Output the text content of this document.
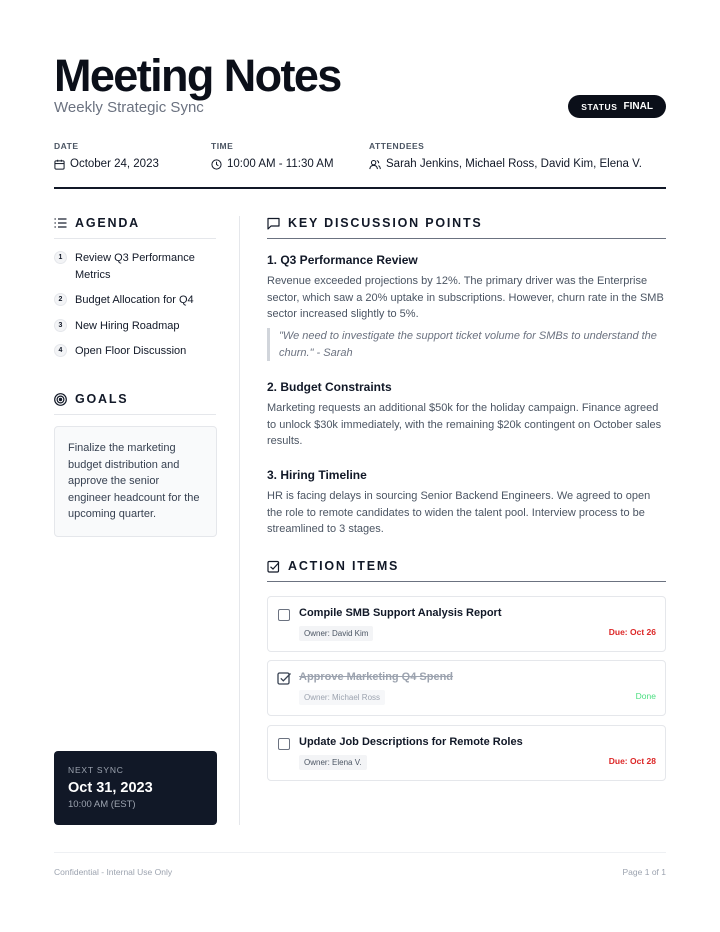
Meeting Notes
Weekly Strategic Sync	STATUS FINAL
DATE
October 24, 2023
TIME
10:00 AM - 11:30 AM
ATTENDEES
Sarah Jenkins, Michael Ross, David Kim, Elena V.
AGENDA
1	Review Q3 Performance Metrics
2	Budget Allocation for Q4
3	New Hiring Roadmap
4	Open Floor Discussion
GOALS
Finalize the marketing budget distribution and approve the senior engineer headcount for the upcoming quarter.
NEXT SYNC
Oct 31, 2023
10:00 AM (EST)
KEY DISCUSSION POINTS
1. Q3 Performance Review

Revenue exceeded projections by 12%. The primary driver was the Enterprise sector, which saw a 20% uptake in subscriptions. However, churn rate in the SMB sector increased slightly to 5%.

"We need to investigate the support ticket volume for SMBs to understand the churn." - Sarah
2. Budget Constraints

Marketing requests an additional $50k for the holiday campaign. Finance agreed to unlock $30k immediately, with the remaining $20k contingent on October sales results.

3. Hiring Timeline

HR is facing delays in sourcing Senior Backend Engineers. We agreed to open the role to remote candidates to widen the talent pool. Interview process to be streamlined to 3 stages.

ACTION ITEMS
Compile SMB Support Analysis Report
Owner: David Kim	Due: Oct 26
Approve Marketing Q4 Spend
Owner: Michael Ross	Done
Update Job Descriptions for Remote Roles
Owner: Elena V.	Due: Oct 28
Confidential - Internal Use Only	Page 1 of 1
